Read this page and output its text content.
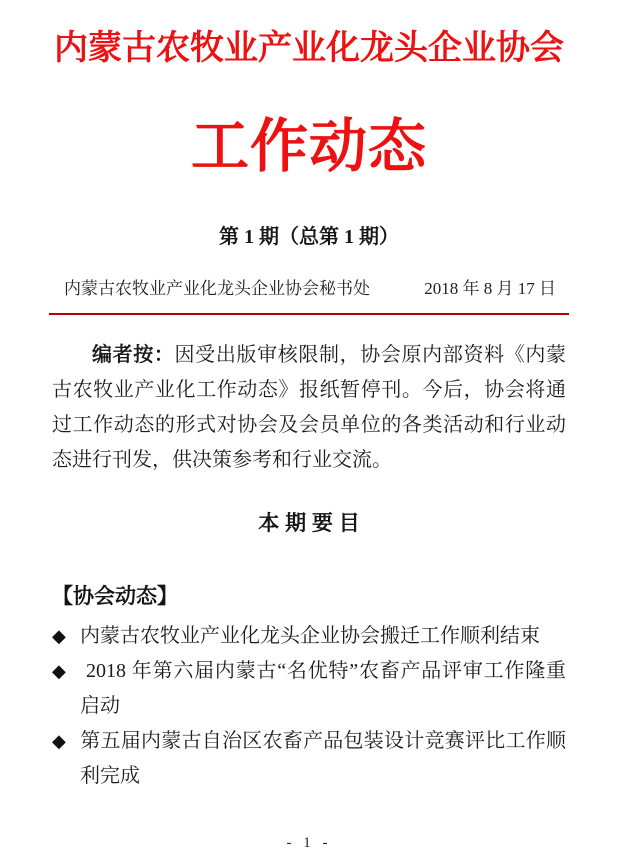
内蒙古农牧业产业化龙头企业协会
工作动态
第 1 期（总第 1 期）
内蒙古农牧业产业化龙头企业协会秘书处	2018 年 8 月 17 日
编者按：因受出版审核限制，协会原内部资料《内蒙古农牧业产业化工作动态》报纸暂停刊。今后，协会将通过工作动态的形式对协会及会员单位的各类活动和行业动态进行刊发，供决策参考和行业交流。
本 期 要 目
【协会动态】
◆ 内蒙古农牧业产业化龙头企业协会搬迁工作顺利结束
◆ 2018 年第六届内蒙古“名优特”农畜产品评审工作隆重启动
◆ 第五届内蒙古自治区农畜产品包装设计竞赛评比工作顺利完成
- 1 -
